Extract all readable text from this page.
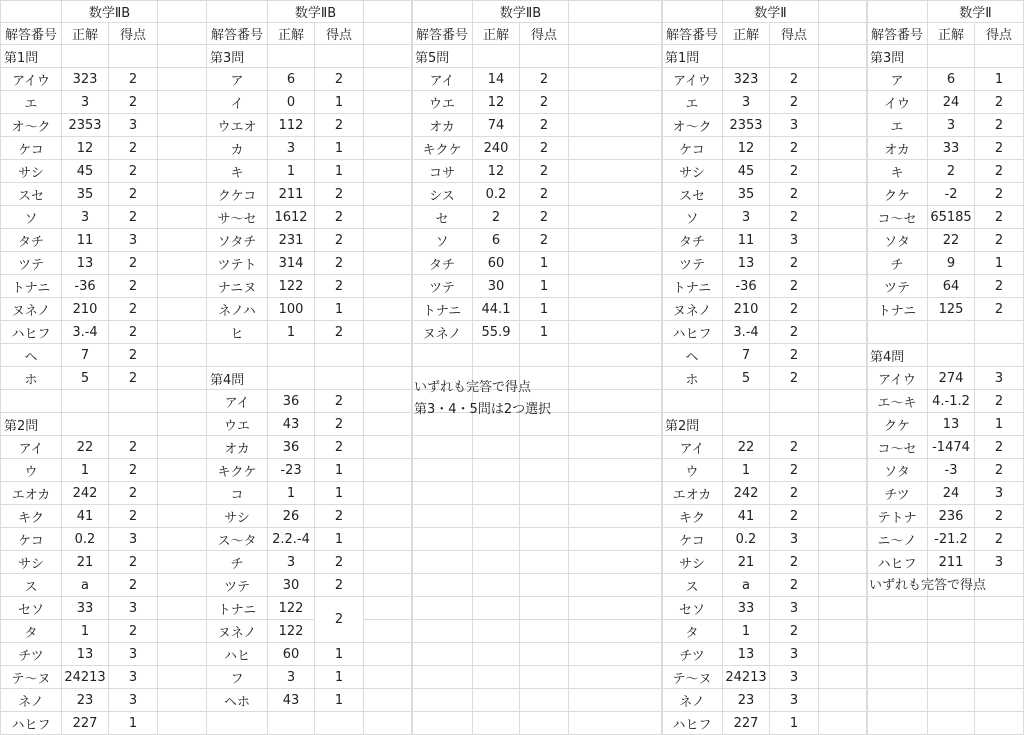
	数学ⅡB		
解答番号	正解	得点	
第1問			
アイウ	323	2	
エ	3	2	
オ～ク	2353	3	
ケコ	12	2	
サシ	45	2	
スセ	35	2	
ソ	3	2	
タチ	11	3	
ツテ	13	2	
トナニ	-36	2	
ヌネノ	210	2	
ハヒフ	3.-4	2	
ヘ	7	2	
ホ	5	2	

第2問			
アイ	22	2	
ウ	1	2	
エオカ	242	2	
キク	41	2	
ケコ	0.2	3	
サシ	21	2	
ス	a	2	
セソ	33	3	
タ	1	2	
チツ	13	3	
テ～ヌ	24213	3	
ネノ	23	3	
ハヒフ	227	1	
	数学ⅡB		
解答番号	正解	得点	
第3問			
ア	6	2	
イ	0	1	
ウエオ	112	2	
カ	3	1	
キ	1	1	
クケコ	211	2	
サ～セ	1612	2	
ソタチ	231	2	
ツテト	314	2	
ナニヌ	122	2	
ネノハ	100	1	
ヒ	1	2	

第4問			
アイ	36	2	
ウエ	43	2	
オカ	36	2	
キクケ	-23	1	
コ	1	1	
サシ	26	2	
ス～タ	2.2.-4	1	
チ	3	2	
ツテ	30	2	
トナニ	122	2	
ヌネノ	122		
ハヒ	60	1	
フ	3	1	
ヘホ	43	1	

	数学ⅡB		
解答番号	正解	得点	
第5問			
アイ	14	2	
ウエ	12	2	
オカ	74	2	
キクケ	240	2	
コサ	12	2	
シス	0.2	2	
セ	2	2	
ソ	6	2	
タチ	60	1	
ツテ	30	1	
トナニ	44.1	1	
ヌネノ	55.9	1	

	数学Ⅱ		
解答番号	正解	得点	
第1問			
アイウ	323	2	
エ	3	2	
オ～ク	2353	3	
ケコ	12	2	
サシ	45	2	
スセ	35	2	
ソ	3	2	
タチ	11	3	
ツテ	13	2	
トナニ	-36	2	
ヌネノ	210	2	
ハヒフ	3.-4	2	
ヘ	7	2	
ホ	5	2	

第2問			
アイ	22	2	
ウ	1	2	
エオカ	242	2	
キク	41	2	
ケコ	0.2	3	
サシ	21	2	
ス	a	2	
セソ	33	3	
タ	1	2	
チツ	13	3	
テ～ヌ	24213	3	
ネノ	23	3	
ハヒフ	227	1	
	数学Ⅱ		
解答番号	正解	得点	
第3問			
ア	6	1	
イウ	24	2	
エ	3	2	
オカ	33	2	
キ	2	2	
クケ	-2	2	
コ～セ	65185	2	
ソタ	22	2	
チ	9	1	
ツテ	64	2	
トナニ	125	2	

第4問			
アイウ	274	3	
エ～キ	4.-1.2	2	
クケ	13	1	
コ～セ	-1474	2	
ソタ	-3	2	
チツ	24	3	
テトナ	236	2	
ニ～ノ	-21.2	2	
ハヒフ	211	3	

いずれも完答で得点
第3・4・5問は2つ選択
いずれも完答で得点
